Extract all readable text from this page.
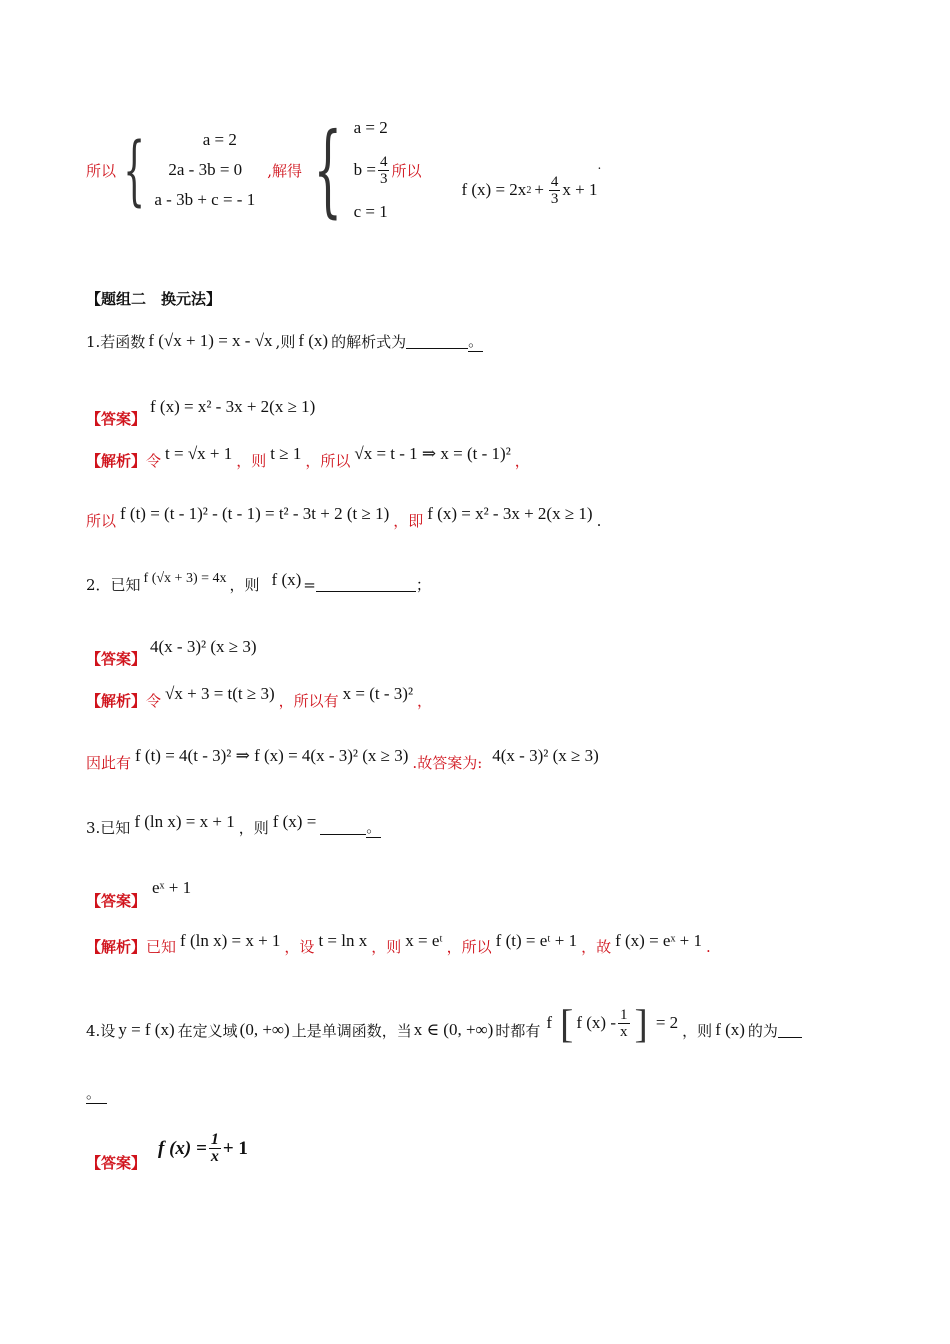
所以 {	a = 2
2a - 3b = 0
a - 3b + c = - 1
,解得 { a = 2
$b = \frac{4}{3}$
c = 1
所以
f (x) = 2x $2 + \frac{4}{3}$ x + 1
.
【题组二　换元法】
1.若函数 f (√x + 1) = x - √x ,则 f (x) 的解析式为	。
【答案】
f (x) = x² - 3x + 2(x ≥ 1)
【解析】 令 t = √x + 1 ，则 t ≥ 1 ，所以 √x = t - 1 ⇒ x = (t - 1)² ，
所以 f (t) = (t - 1)² - (t - 1) = t² - 3t + 2 (t ≥ 1) ，即 f (x) = x² - 3x + 2(x ≥ 1) .
2．已知 f (√x + 3) = 4x ，则 f (x) =	；
【答案】
4(x - 3)² (x ≥ 3)
【解析】 令 √x + 3 = t(t ≥ 3) ，所以有 x = (t - 3)² ，
因此有 f (t) = 4(t - 3)² ⇒ f (x) = 4(x - 3)² (x ≥ 3) .故答案为: 4(x - 3)² (x ≥ 3)
3.已知 f (ln x) = x + 1 ，则 f (x) =	。
【答案】
eˣ + 1
【解析】 已知 f (ln x) = x + 1 ，设 t = ln x ，则 x = eᵗ ，所以 f (t) = eᵗ + 1 ，故 f (x) = eˣ + 1 .
4.设 y = f (x) 在定义域 (0, +∞) 上是单调函数，当 x ∈ (0, +∞) 时都有 f [ f $(x) - \frac{1}{x}$ ] = 2 ，则 f (x) 的为
。
【答案】
f $(x) = \frac{1}{x} + 1$
